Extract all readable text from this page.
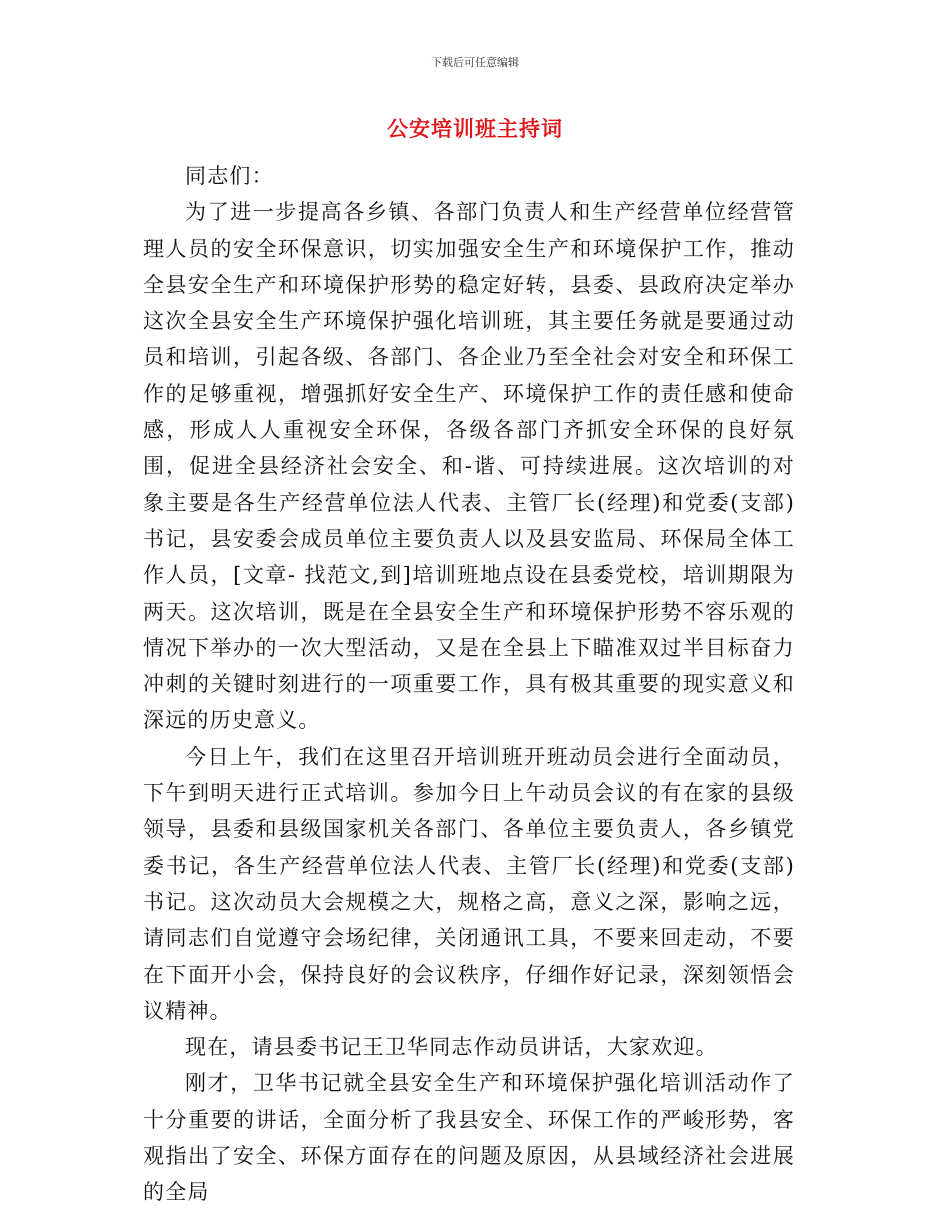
下载后可任意编辑
公安培训班主持词

同志们：

为了进一步提高各乡镇、各部门负责人和生产经营单位经营管理人员的安全环保意识，切实加强安全生产和环境保护工作，推动全县安全生产和环境保护形势的稳定好转，县委、县政府决定举办这次全县安全生产环境保护强化培训班，其主要任务就是要通过动员和培训，引起各级、各部门、各企业乃至全社会对安全和环保工作的足够重视，增强抓好安全生产、环境保护工作的责任感和使命感，形成人人重视安全环保，各级各部门齐抓安全环保的良好氛围，促进全县经济社会安全、和-谐、可持续进展。这次培训的对象主要是各生产经营单位法人代表、主管厂长(经理)和党委(支部)书记，县安委会成员单位主要负责人以及县安监局、环保局全体工作人员，[文章- 找范文,到]培训班地点设在县委党校，培训期限为两天。这次培训，既是在全县安全生产和环境保护形势不容乐观的情况下举办的一次大型活动，又是在全县上下瞄准双过半目标奋力冲刺的关键时刻进行的一项重要工作，具有极其重要的现实意义和深远的历史意义。

今日上午，我们在这里召开培训班开班动员会进行全面动员，下午到明天进行正式培训。参加今日上午动员会议的有在家的县级领导，县委和县级国家机关各部门、各单位主要负责人，各乡镇党委书记，各生产经营单位法人代表、主管厂长(经理)和党委(支部)书记。这次动员大会规模之大，规格之高，意义之深，影响之远，请同志们自觉遵守会场纪律，关闭通讯工具，不要来回走动，不要在下面开小会，保持良好的会议秩序，仔细作好记录，深刻领悟会议精神。

现在，请县委书记王卫华同志作动员讲话，大家欢迎。

刚才，卫华书记就全县安全生产和环境保护强化培训活动作了十分重要的讲话，全面分析了我县安全、环保工作的严峻形势，客观指出了安全、环保方面存在的问题及原因，从县域经济社会进展的全局
